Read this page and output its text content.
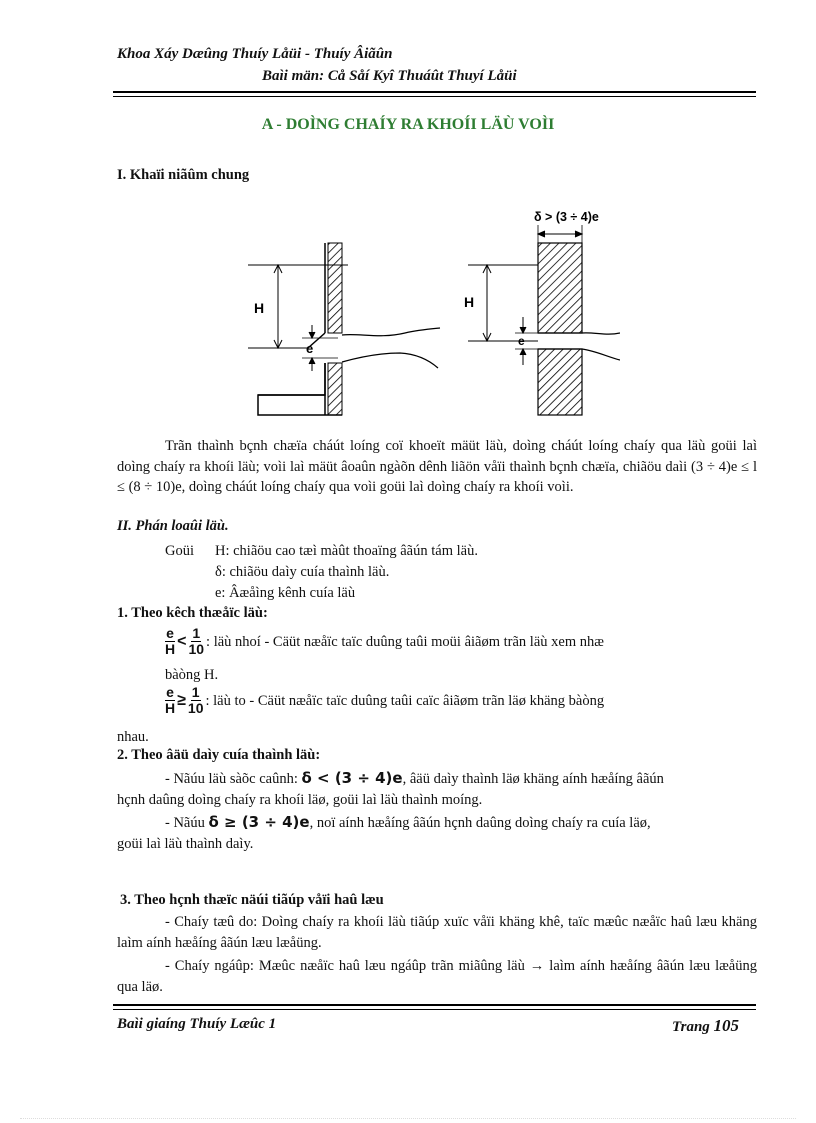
Khoa Xáy Dæûng Thuíy Låüi - Thuíy Âiãûn
Baìi män: Cå Såí Kyî Thuáût Thuyí Låüi
A - DOÌNG CHAÍY RA KHOÍI LÄÙ VOÌI
I. Khaïi niãûm chung
H
e
H
e
δ > (3 ÷ 4)e
Trãn thaình bçnh chæïa cháút loíng coï khoeït mäüt läù, doìng cháút loíng chaíy qua läù goüi laì doìng chaíy ra khoíi läù; voìi laì mäüt âoaûn ngàõn dênh liãön våïi thaình bçnh chæïa, chiãöu daìi (3 ÷ 4)e ≤ l ≤ (8 ÷ 10)e, doìng cháút loíng chaíy qua voìi goüi laì doìng chaíy ra khoíi voìi.
II. Phán loaûi läù.
Goüi H: chiãöu cao tæì màût thoaïng âãún tám läù.
δ: chiãöu daìy cuía thaình läù.
e: Âæåìng kênh cuía läù
1. Theo kêch thæåïc läù:
$\frac{e}{H} < \frac{1}{10}$ : läù nhoí - Cäüt næåïc taïc duûng taûi moüi âiãøm trãn läù xem nhæ
bàòng H.
$\frac{e}{H} \ge \frac{1}{10}$ : läù to - Cäüt næåïc taïc duûng taûi caïc âiãøm trãn läø khäng bàòng
nhau.
2. Theo âäü daìy cuía thaình läù:
- Nãúu läù sàõc caûnh: δ < (3 ÷ 4)e, âäü daìy thaình läø khäng aính hæåíng âãún
hçnh daûng doìng chaíy ra khoíi läø, goüi laì läù thaình moíng.
- Nãúu δ ≥ (3 ÷ 4)e, noï aính hæåíng âãún hçnh daûng doìng chaíy ra cuía läø,
goüi laì läù thaình daìy.
3. Theo hçnh thæïc näúi tiãúp våïi haû læu
- Chaíy tæû do: Doìng chaíy ra khoíi läù tiãúp xuïc våïi khäng khê, taïc mæûc næåïc haû læu khäng laìm aính hæåíng âãún læu læåüng.
- Chaíy ngáûp: Mæûc næåïc haû læu ngáûp trãn miãûng läù → laìm aính hæåíng âãún læu læåüng qua läø.
Baìi giaíng Thuíy Læûc 1	Trang 105
